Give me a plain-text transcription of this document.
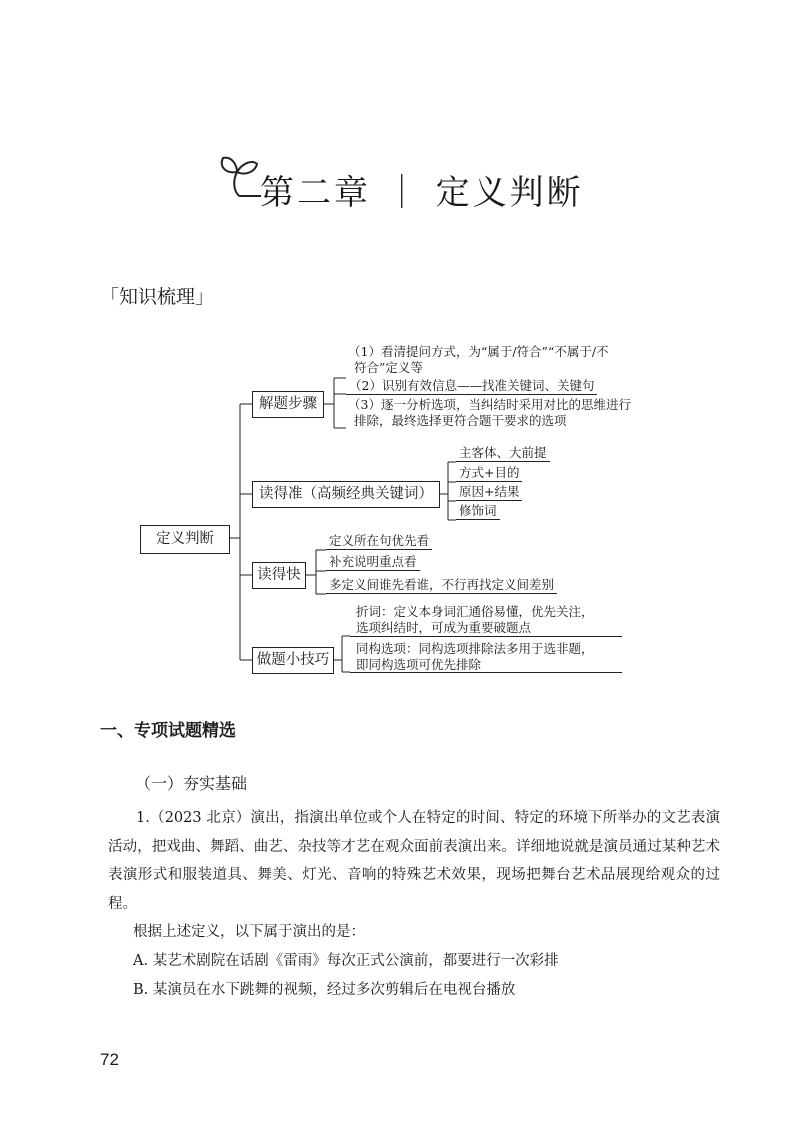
第二章 ｜ 定义判断
「知识梳理」
定义判断
解题步骤
（1）看清提问方式，为“属于/符合”“不属于/不
符合”定义等
（2）识别有效信息——找准关键词、关键句
（3）逐一分析选项，当纠结时采用对比的思维进行
排除，最终选择更符合题干要求的选项
读得准（高频经典关键词）
主客体、大前提
方式+目的
原因+结果
修饰词
读得快
定义所在句优先看
补充说明重点看
多定义间谁先看谁，不行再找定义间差别
做题小技巧
折词：定义本身词汇通俗易懂，优先关注，
选项纠结时，可成为重要破题点
同构选项：同构选项排除法多用于选非题，
即同构选项可优先排除
一、专项试题精选
（一）夯实基础
1.（2023 北京）演出，指演出单位或个人在特定的时间、特定的环境下所举办的文艺表演活动，把戏曲、舞蹈、曲艺、杂技等才艺在观众面前表演出来。详细地说就是演员通过某种艺术表演形式和服装道具、舞美、灯光、音响的特殊艺术效果，现场把舞台艺术品展现给观众的过程。
根据上述定义，以下属于演出的是：
A. 某艺术剧院在话剧《雷雨》每次正式公演前，都要进行一次彩排
B. 某演员在水下跳舞的视频，经过多次剪辑后在电视台播放
72
